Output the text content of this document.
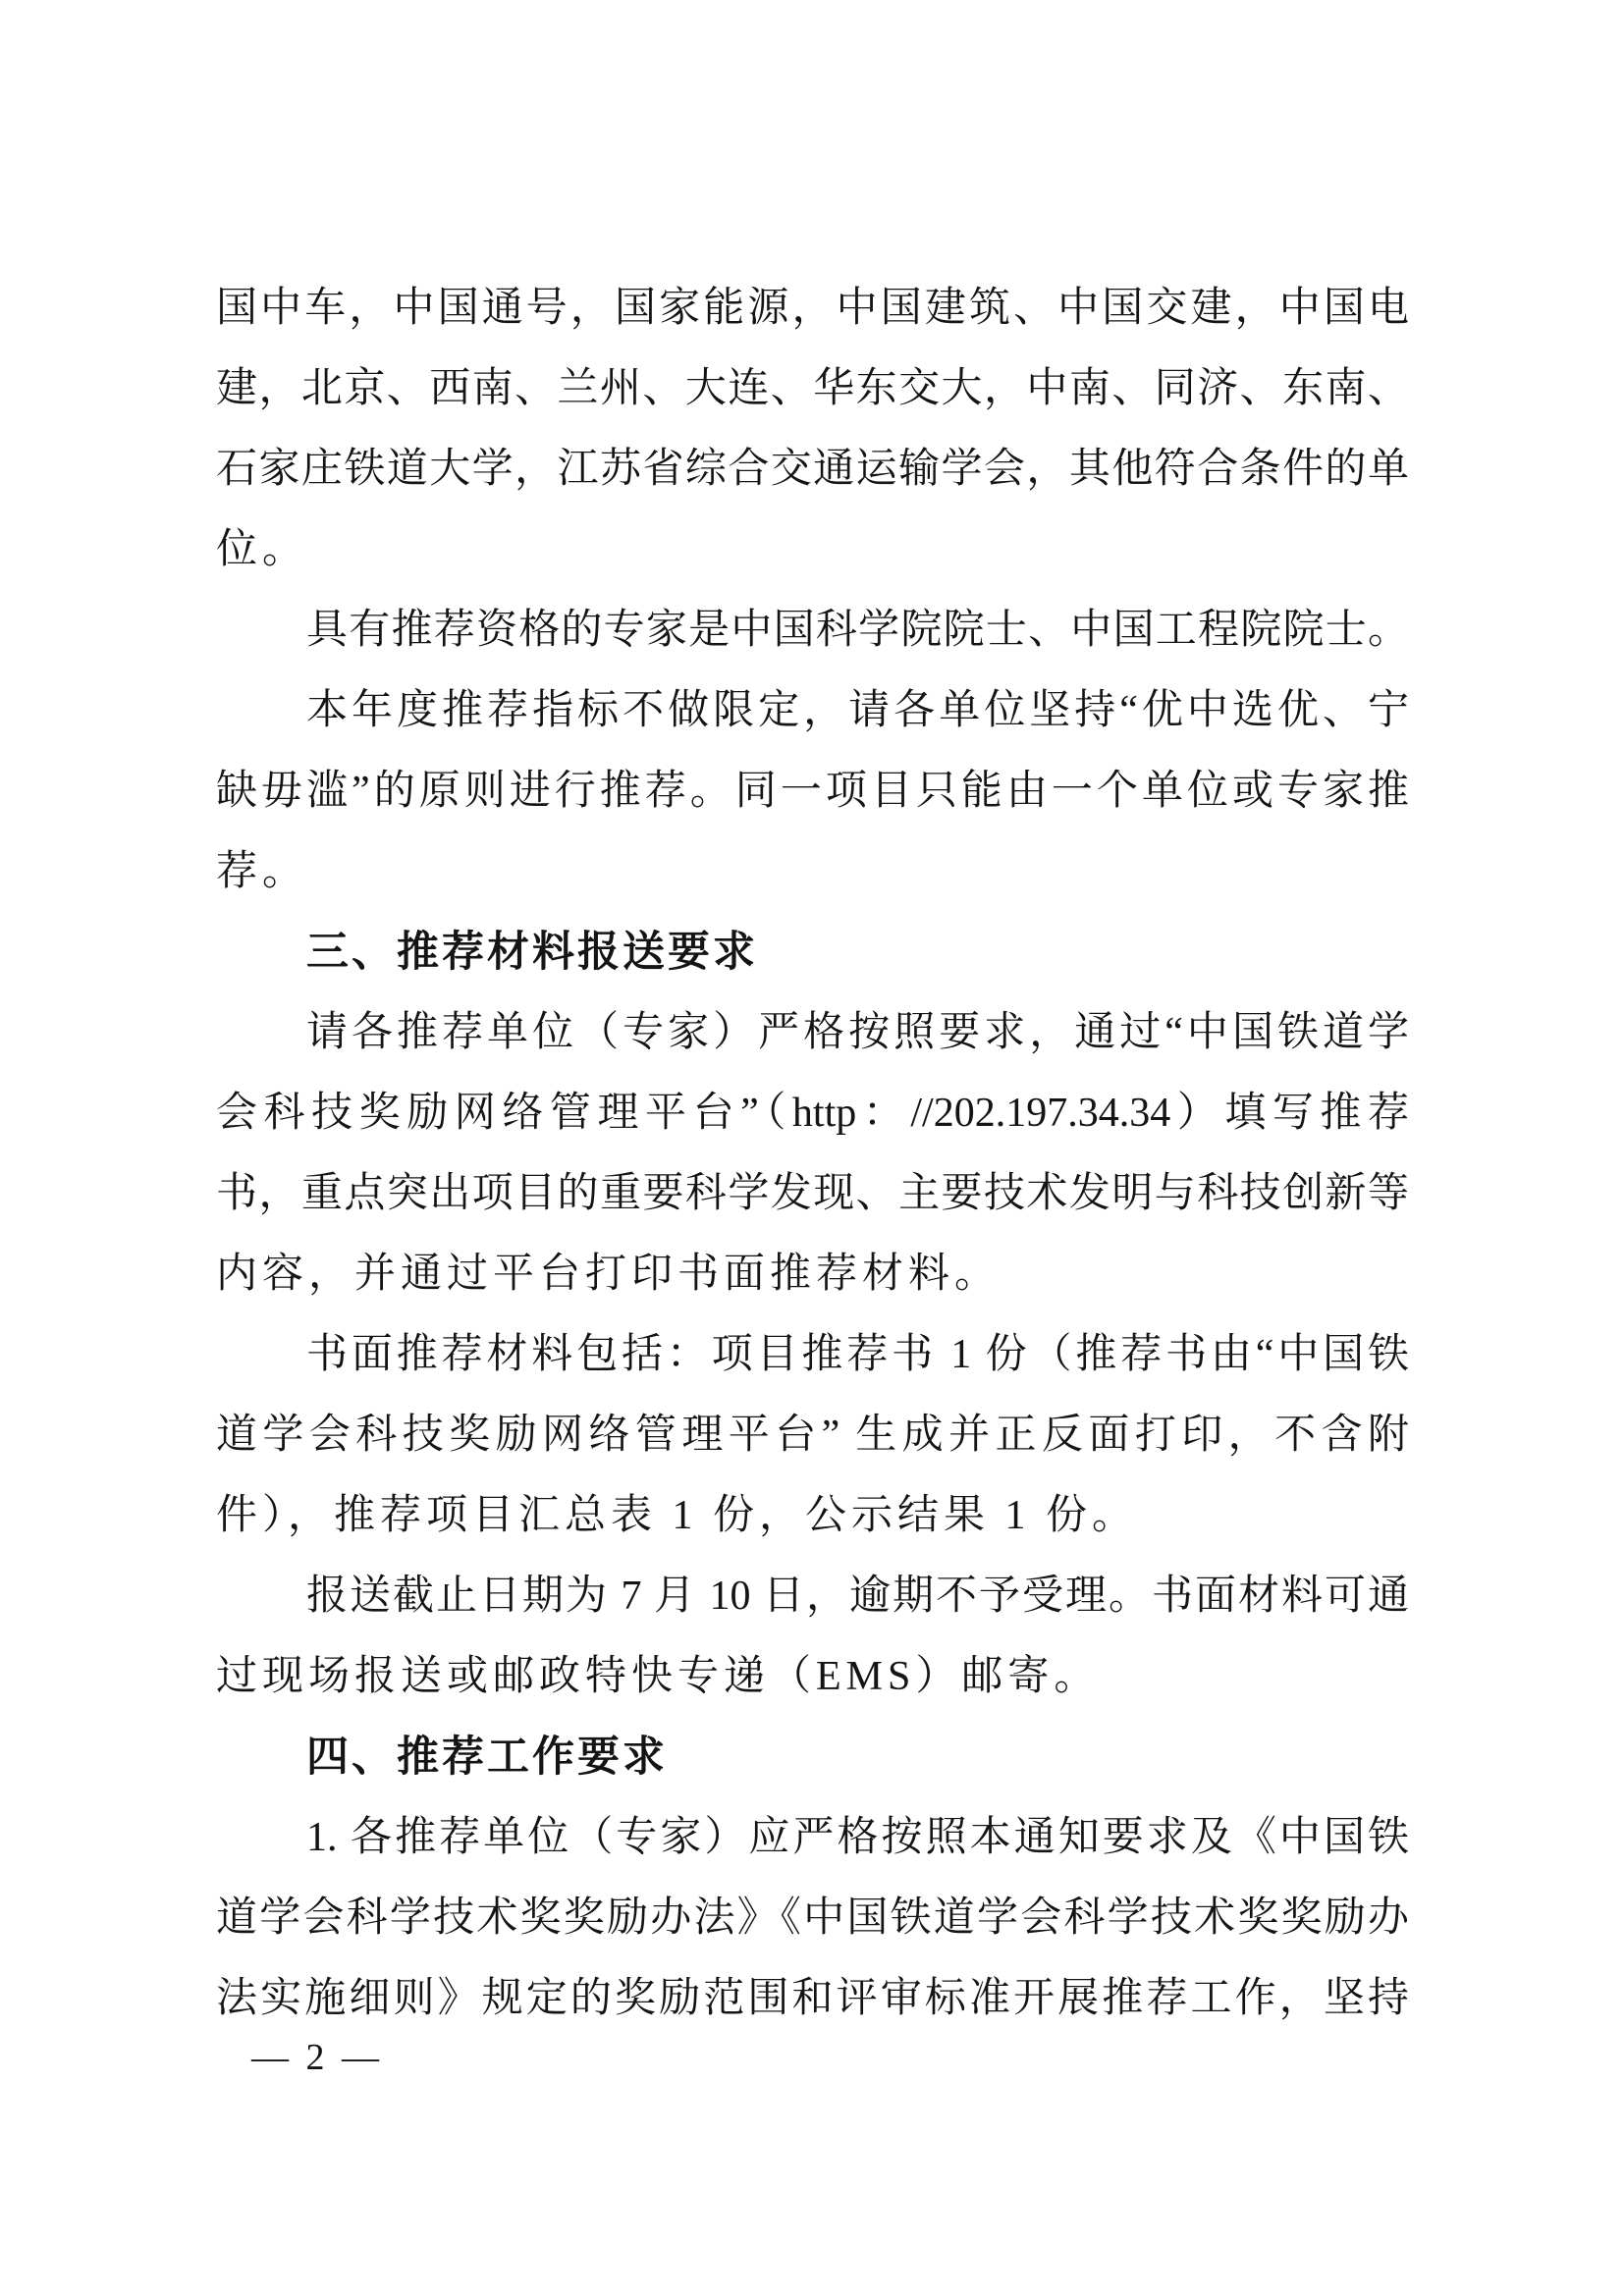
国中车，中国通号，国家能源，中国建筑、中国交建，中国电
建，北京、西南、兰州、大连、华东交大，中南、同济、东南、
石家庄铁道大学，江苏省综合交通运输学会，其他符合条件的单
位。
具有推荐资格的专家是中国科学院院士、中国工程院院士。
本年度推荐指标不做限定，请各单位坚持“优中选优、宁
缺毋滥”的原则进行推荐。同一项目只能由一个单位或专家推
荐。
三、推荐材料报送要求
请各推荐单位（专家）严格按照要求，通过“中国铁道学
会科技奖励网络管理平台”（http：//202.197.34.34）填写推荐
书，重点突出项目的重要科学发现、主要技术发明与科技创新等
内容，并通过平台打印书面推荐材料。
书面推荐材料包括：项目推荐书 1 份（推荐书由“中国铁
道学会科技奖励网络管理平台” 生成并正反面打印，不含附
件），推荐项目汇总表 1 份，公示结果 1 份。
报送截止日期为 7 月 10 日，逾期不予受理。书面材料可通
过现场报送或邮政特快专递（EMS）邮寄。
四、推荐工作要求
1. 各推荐单位（专家）应严格按照本通知要求及《中国铁
道学会科学技术奖奖励办法》《中国铁道学会科学技术奖奖励办
法实施细则》规定的奖励范围和评审标准开展推荐工作，坚持
— 2 —
